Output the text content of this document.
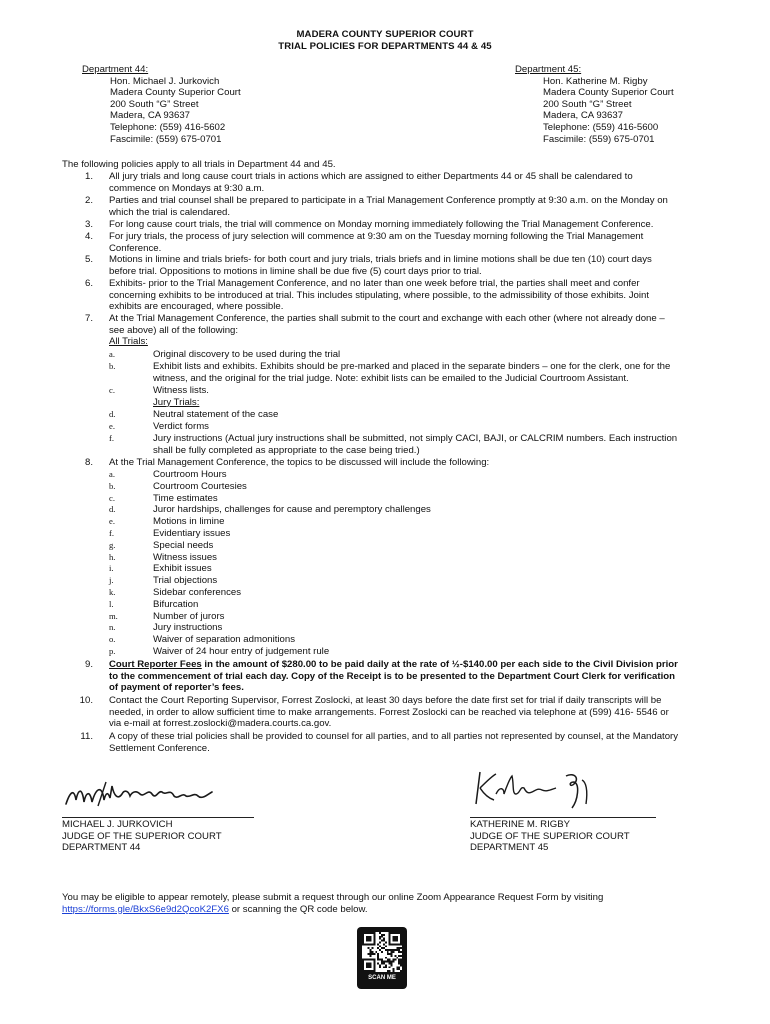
MADERA COUNTY SUPERIOR COURT
TRIAL POLICIES FOR DEPARTMENTS 44 & 45
Department 44:
Hon. Michael J. Jurkovich
Madera County Superior Court
200 South “G” Street
Madera, CA 93637
Telephone: (559) 416-5602
Fascimile: (559) 675-0701
Department 45:
Hon. Katherine M. Rigby
Madera County Superior Court
200 South “G” Street
Madera, CA 93637
Telephone: (559) 416-5600
Fascimile: (559) 675-0701
The following policies apply to all trials in Department 44 and 45.
1. All jury trials and long cause court trials in actions which are assigned to either Departments 44 or 45 shall be calendared to
commence on Mondays at 9:30 a.m.
2. Parties and trial counsel shall be prepared to participate in a Trial Management Conference promptly at 9:30 a.m. on the Monday on
which the trial is calendared.
3. For long cause court trials, the trial will commence on Monday morning immediately following the Trial Management Conference.
4. For jury trials, the process of jury selection will commence at 9:30 am on the Tuesday morning following the Trial Management
Conference.
5. Motions in limine and trials briefs- for both court and jury trials, trials briefs and in limine motions shall be due ten (10) court days
before trial. Oppositions to motions in limine shall be due five (5) court days prior to trial.
6. Exhibits- prior to the Trial Management Conference, and no later than one week before trial, the parties shall meet and confer
concerning exhibits to be introduced at trial. This includes stipulating, where possible, to the admissibility of those exhibits. Joint
exhibits are encouraged, where possible.
7. At the Trial Management Conference, the parties shall submit to the court and exchange with each other (where not already done –
see above) all of the following:
All Trials:
a.	Original discovery to be used during the trial
b.	Exhibit lists and exhibits. Exhibits should be pre-marked and placed in the separate binders – one for the clerk, one for the
witness, and the original for the trial judge. Note: exhibit lists can be emailed to the Judicial Courtroom Assistant.
c.	Witness lists.
Jury Trials:
d.	Neutral statement of the case
e.	Verdict forms
f.	Jury instructions (Actual jury instructions shall be submitted, not simply CACI, BAJI, or CALCRIM numbers. Each instruction
shall be fully completed as appropriate to the case being tried.)
8. At the Trial Management Conference, the topics to be discussed will include the following:
a.	Courtroom Hours
b.	Courtroom Courtesies
c.	Time estimates
d.	Juror hardships, challenges for cause and peremptory challenges
e.	Motions in limine
f.	Evidentiary issues
g.	Special needs
h.	Witness issues
i.	Exhibit issues
j.	Trial objections
k.	Sidebar conferences
l.	Bifurcation
m.	Number of jurors
n.	Jury instructions
o.	Waiver of separation admonitions
p.	Waiver of 24 hour entry of judgement rule
9. Court Reporter Fees in the amount of $280.00 to be paid daily at the rate of ½-$140.00 per each side to the Civil Division prior
to the commencement of trial each day. Copy of the Receipt is to be presented to the Department Court Clerk for verification
of payment of reporter’s fees.
10. Contact the Court Reporting Supervisor, Forrest Zoslocki, at least 30 days before the date first set for trial if daily transcripts will be
needed, in order to allow sufficient time to make arrangements. Forrest Zoslocki can be reached via telephone at (599) 416- 5546 or
via e-mail at forrest.zoslocki@madera.courts.ca.gov.
11. A copy of these trial policies shall be provided to counsel for all parties, and to all parties not represented by counsel, at the Mandatory
Settlement Conference.
MICHAEL J. JURKOVICH
JUDGE OF THE SUPERIOR COURT
DEPARTMENT 44
KATHERINE M. RIGBY
JUDGE OF THE SUPERIOR COURT
DEPARTMENT 45
You may be eligible to appear remotely, please submit a request through our online Zoom Appearance Request Form by visiting
https://forms.gle/BkxS6e9d2QcoK2FX6 or scanning the QR code below.
SCAN ME
